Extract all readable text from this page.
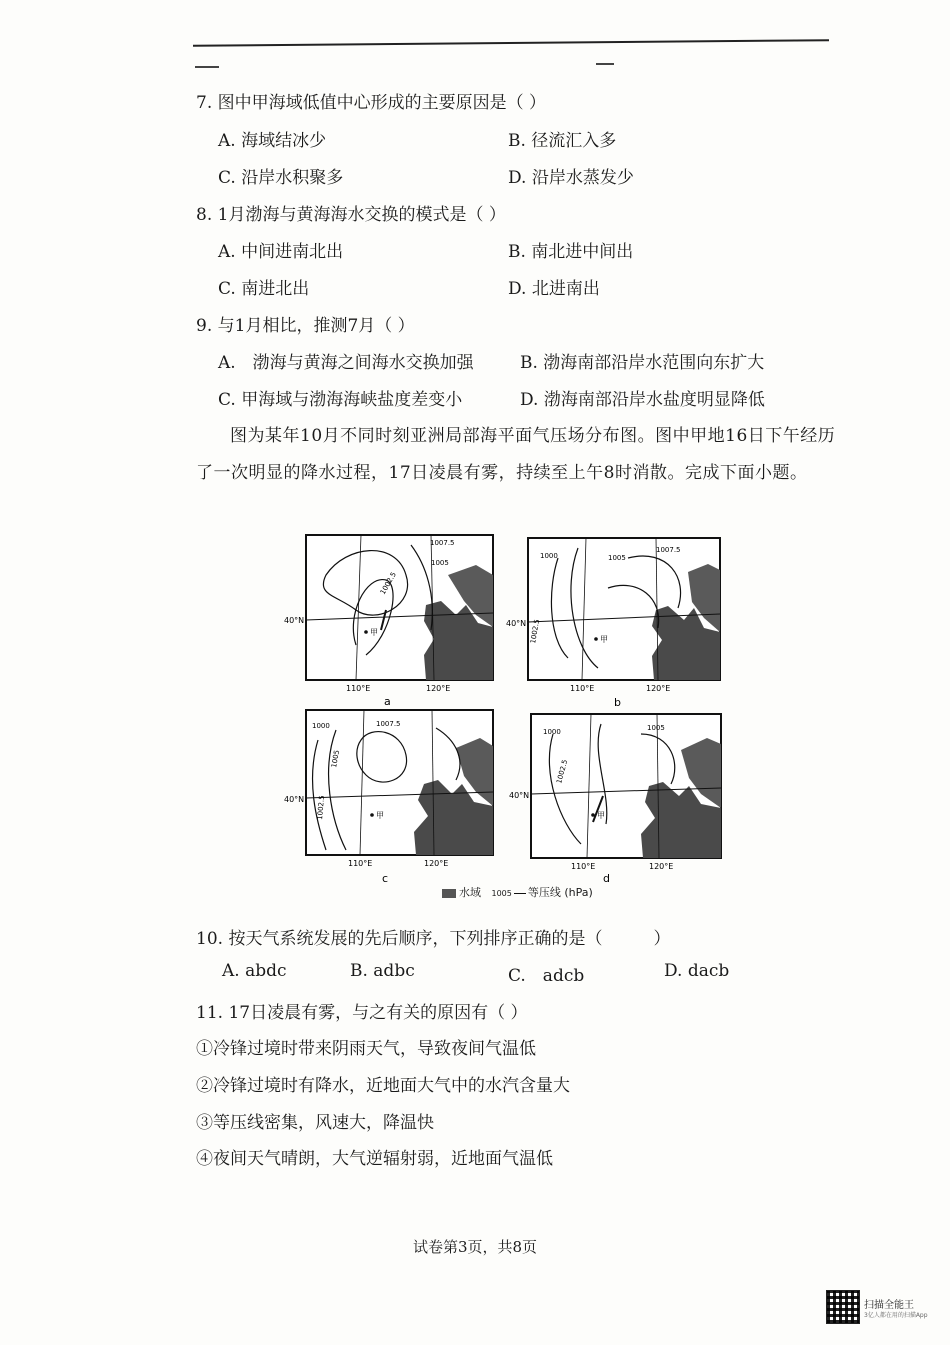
7. 图中甲海域低值中心形成的主要原因是（ ）
A. 海域结冰少	B. 径流汇入多
C. 沿岸水积聚多	D. 沿岸水蒸发少
8. 1月渤海与黄海海水交换的模式是（ ）
A. 中间进南北出	B. 南北进中间出
C. 南进北出	D. 北进南出
9. 与1月相比，推测7月（ ）
A.　渤海与黄海之间海水交换加强	B. 渤海南部沿岸水范围向东扩大
C. 甲海域与渤海海峡盐度差变小	D. 渤海南部沿岸水盐度明显降低
图为某年10月不同时刻亚洲局部海平面气压场分布图。图中甲地16日下午经历了一次明显的降水过程，17日凌晨有雾，持续至上午8时消散。完成下面小题。
1007.5
1005
1002.5
40°N
甲
110°E	120°E
a
1000	1005
1007.5
1002.5
40°N
甲
110°E	120°E
b
1000
1005
1007.5
1002.5
40°N
甲
110°E	120°E
c
1000	1005
1002.5
40°N
甲
110°E	120°E
d
水域 1005 等压线 (hPa)
10. 按天气系统发展的先后顺序，下列排序正确的是（　　　）
A. abdc	B. adbc	C.　adcb	D. dacb
11. 17日凌晨有雾，与之有关的原因有（ ）
①冷锋过境时带来阴雨天气，导致夜间气温低
②冷锋过境时有降水，近地面大气中的水汽含量大
③等压线密集，风速大，降温快
④夜间天气晴朗，大气逆辐射弱，近地面气温低
试卷第3页，共8页
扫描全能王
3亿人都在用的扫描App
